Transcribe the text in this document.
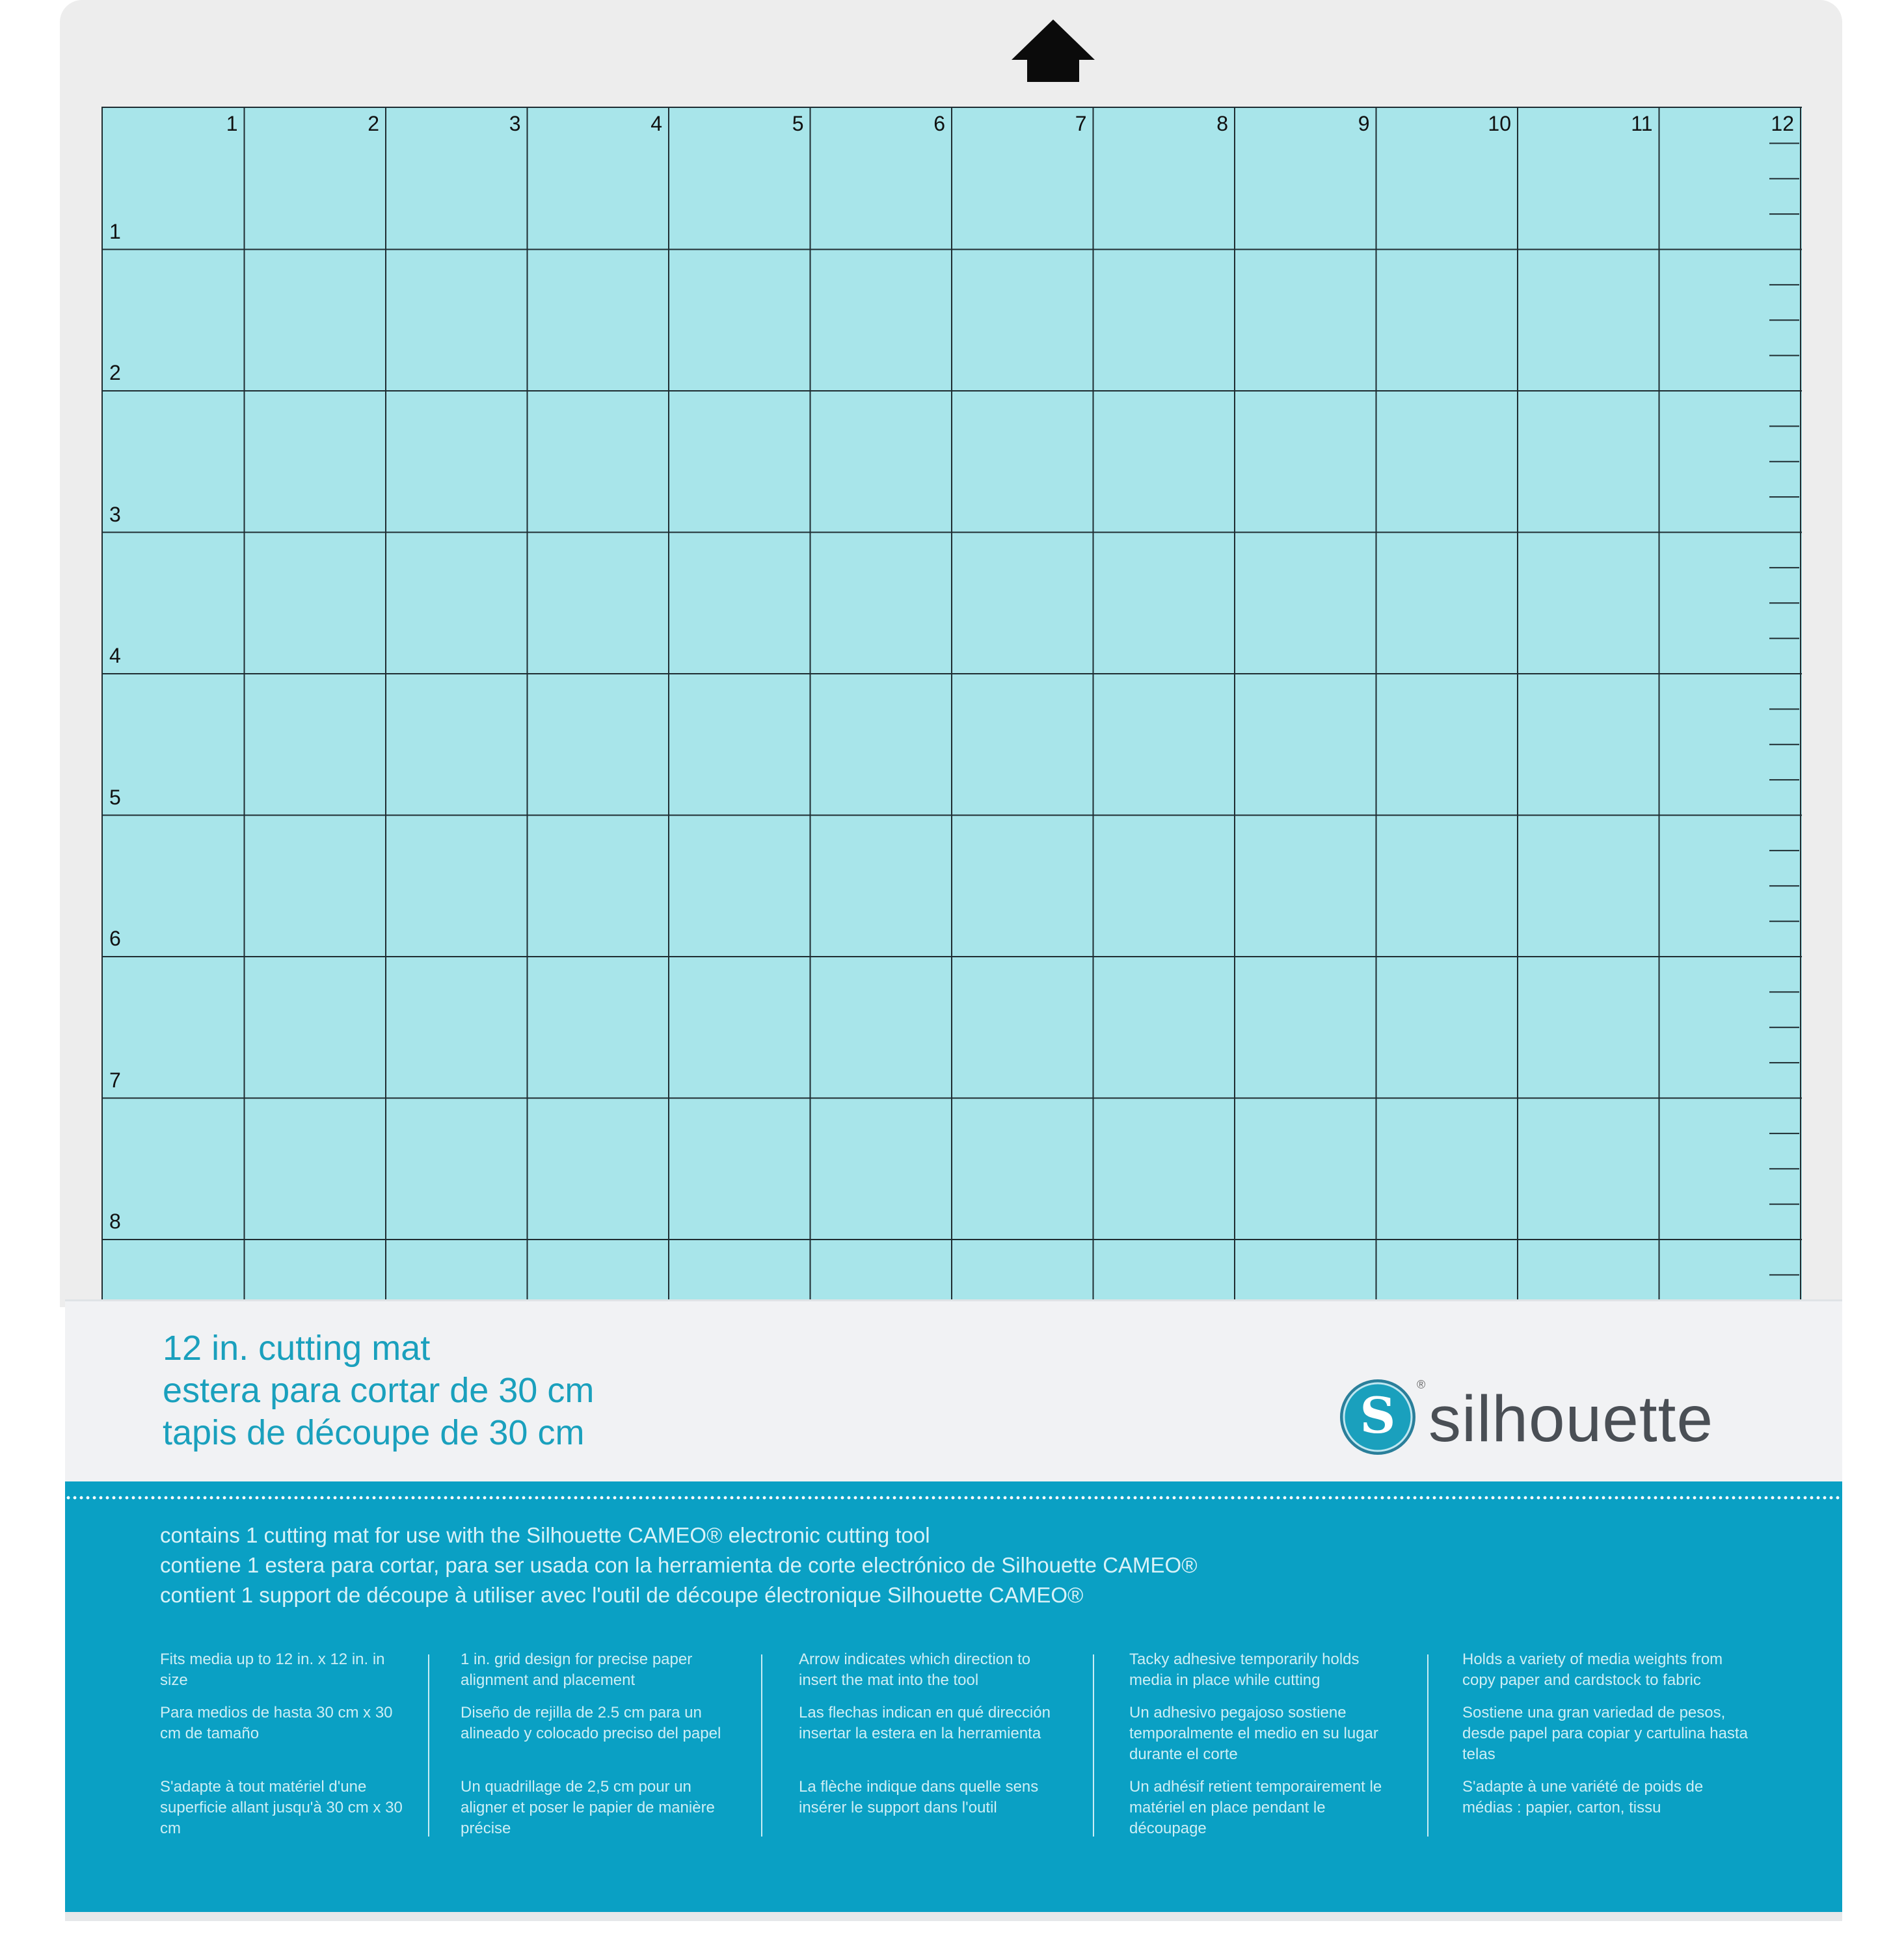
1	2	3	4	5	6	7	8	9	10	11	12
1
2
3
4
5
6
7
8
12 in. cutting mat
estera para cortar de 30 cm
tapis de découpe de 30 cm	S
® silhouette
contains 1 cutting mat for use with the Silhouette CAMEO® electronic cutting tool
contiene 1 estera para cortar, para ser usada con la herramienta de corte electrónico de Silhouette CAMEO®
contient 1 support de découpe à utiliser avec l'outil de découpe électronique Silhouette CAMEO®

Fits media up to 12 in. x 12 in. in size

Para medios de hasta 30 cm x 30 cm de tamaño

S'adapte à tout matériel d'une superficie allant jusqu'à 30 cm x 30 cm

1 in. grid design for precise paper alignment and placement

Diseño de rejilla de 2.5 cm para un alineado y colocado preciso del papel

Un quadrillage de 2,5 cm pour un aligner et poser le papier de manière précise

Arrow indicates which direction to insert the mat into the tool

Las flechas indican en qué dirección insertar la estera en la herramienta

La flèche indique dans quelle sens insérer le support dans l'outil

Tacky adhesive temporarily holds media in place while cutting

Un adhesivo pegajoso sostiene temporalmente el medio en su lugar durante el corte

Un adhésif retient temporairement le matériel en place pendant le découpage

Holds a variety of media weights from copy paper and cardstock to fabric

Sostiene una gran variedad de pesos, desde papel para copiar y cartulina hasta telas

S'adapte à une variété de poids de médias : papier, carton, tissu
